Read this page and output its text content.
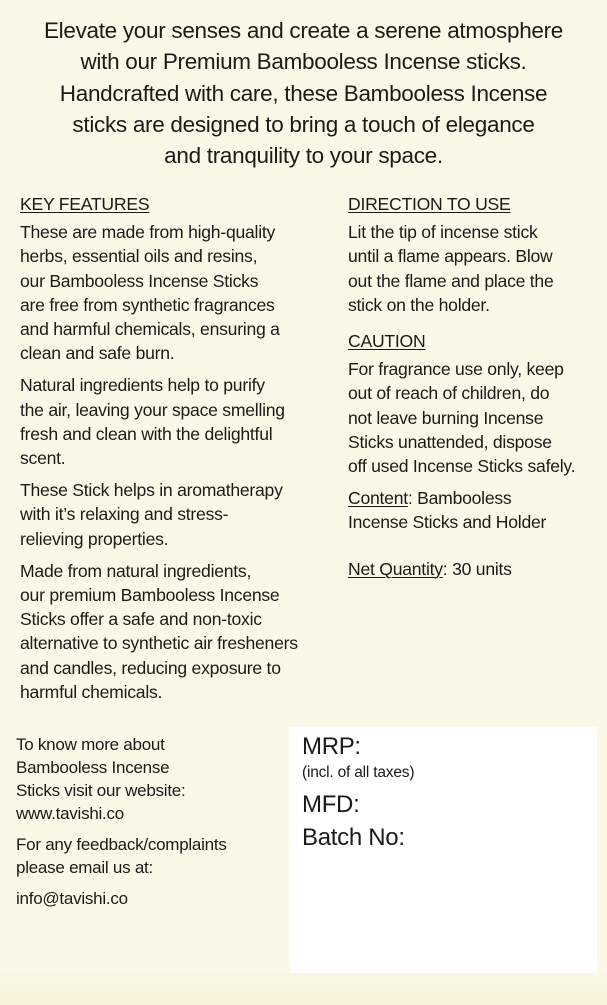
Elevate your senses and create a serene atmosphere
with our Premium Bambooless Incense sticks.
Handcrafted with care, these Bambooless Incense
sticks are designed to bring a touch of elegance
and tranquility to your space.
KEY FEATURES
These are made from high-quality
herbs, essential oils and resins,
our Bambooless Incense Sticks
are free from synthetic fragrances
and harmful chemicals, ensuring a
clean and safe burn.
Natural ingredients help to purify
the air, leaving your space smelling
fresh and clean with the delightful
scent.
These Stick helps in aromatherapy
with it’s relaxing and stress-
relieving properties.
Made from natural ingredients,
our premium Bambooless Incense
Sticks offer a safe and non-toxic
alternative to synthetic air fresheners
and candles, reducing exposure to
harmful chemicals.
DIRECTION TO USE
Lit the tip of incense stick
until a flame appears. Blow
out the flame and place the
stick on the holder.
CAUTION
For fragrance use only, keep
out of reach of children, do
not leave burning Incense
Sticks unattended, dispose
off used Incense Sticks safely.
Content: Bambooless
Incense Sticks and Holder
Net Quantity: 30 units
To know more about
Bambooless Incense
Sticks visit our website:
www.tavishi.co
For any feedback/complaints
please email us at:
info@tavishi.co
MRP:
(incl. of all taxes)
MFD:
Batch No:
